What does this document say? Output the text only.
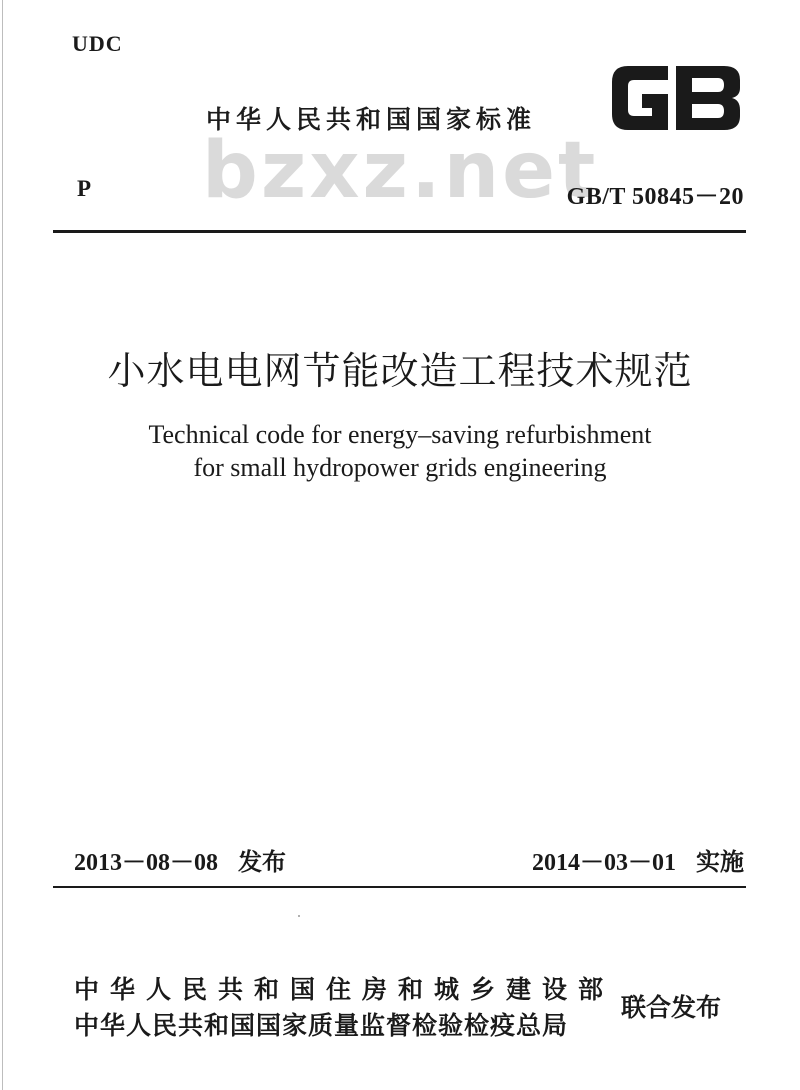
UDC
中华人民共和国国家标准
bzxz.net
P	GB/T 50845－20
小水电电网节能改造工程技术规范
Technical code for energy–saving refurbishment
for small hydropower grids engineering
2013－08－08 发布	2014－03－01 实施
中华人民共和国住房和城乡建设部
中华人民共和国国家质量监督检验检疫总局
联合发布
